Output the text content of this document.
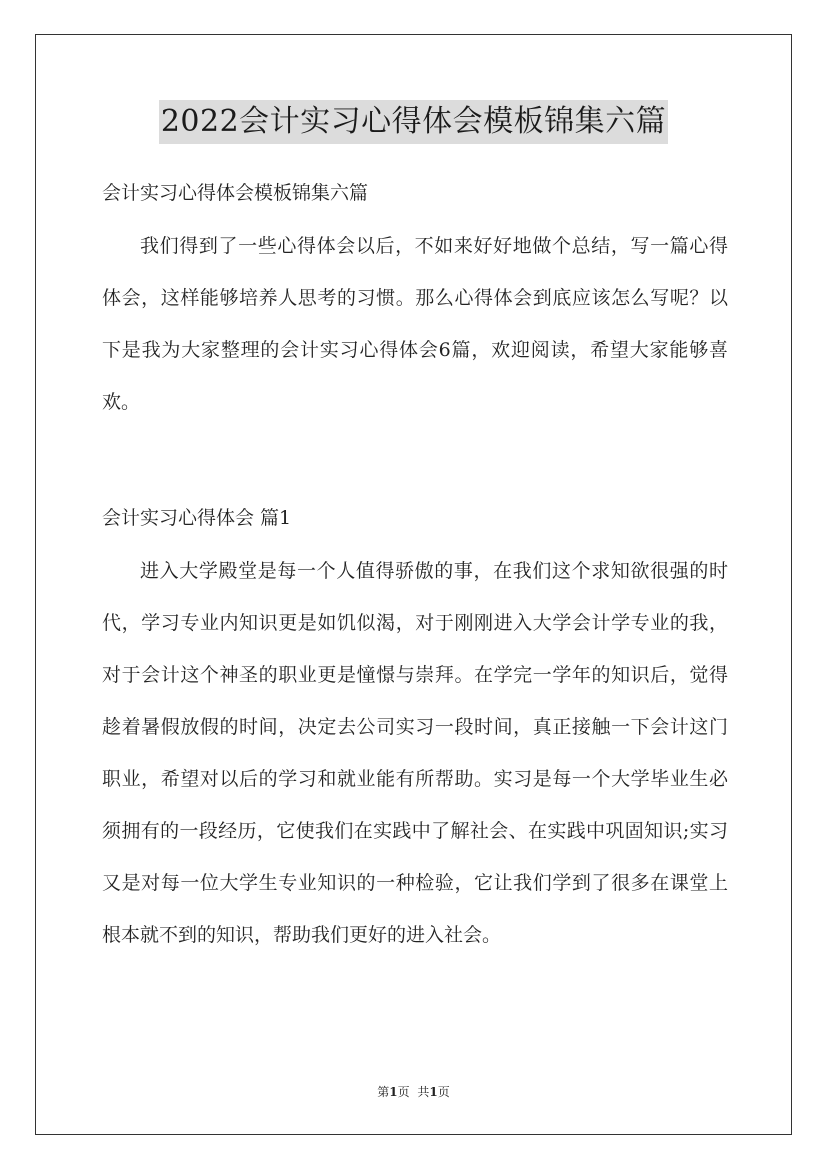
2022会计实习心得体会模板锦集六篇
会计实习心得体会模板锦集六篇

我们得到了一些心得体会以后，不如来好好地做个总结，写一篇心得体会，这样能够培养人思考的习惯。那么心得体会到底应该怎么写呢？以下是我为大家整理的会计实习心得体会6篇，欢迎阅读，希望大家能够喜欢。

会计实习心得体会 篇1

进入大学殿堂是每一个人值得骄傲的事，在我们这个求知欲很强的时代，学习专业内知识更是如饥似渴，对于刚刚进入大学会计学专业的我，对于会计这个神圣的职业更是憧憬与崇拜。在学完一学年的知识后，觉得趁着暑假放假的时间，决定去公司实习一段时间，真正接触一下会计这门职业，希望对以后的学习和就业能有所帮助。实习是每一个大学毕业生必须拥有的一段经历，它使我们在实践中了解社会、在实践中巩固知识;实习又是对每一位大学生专业知识的一种检验，它让我们学到了很多在课堂上根本就不到的知识，帮助我们更好的进入社会。

第1页 共1页
